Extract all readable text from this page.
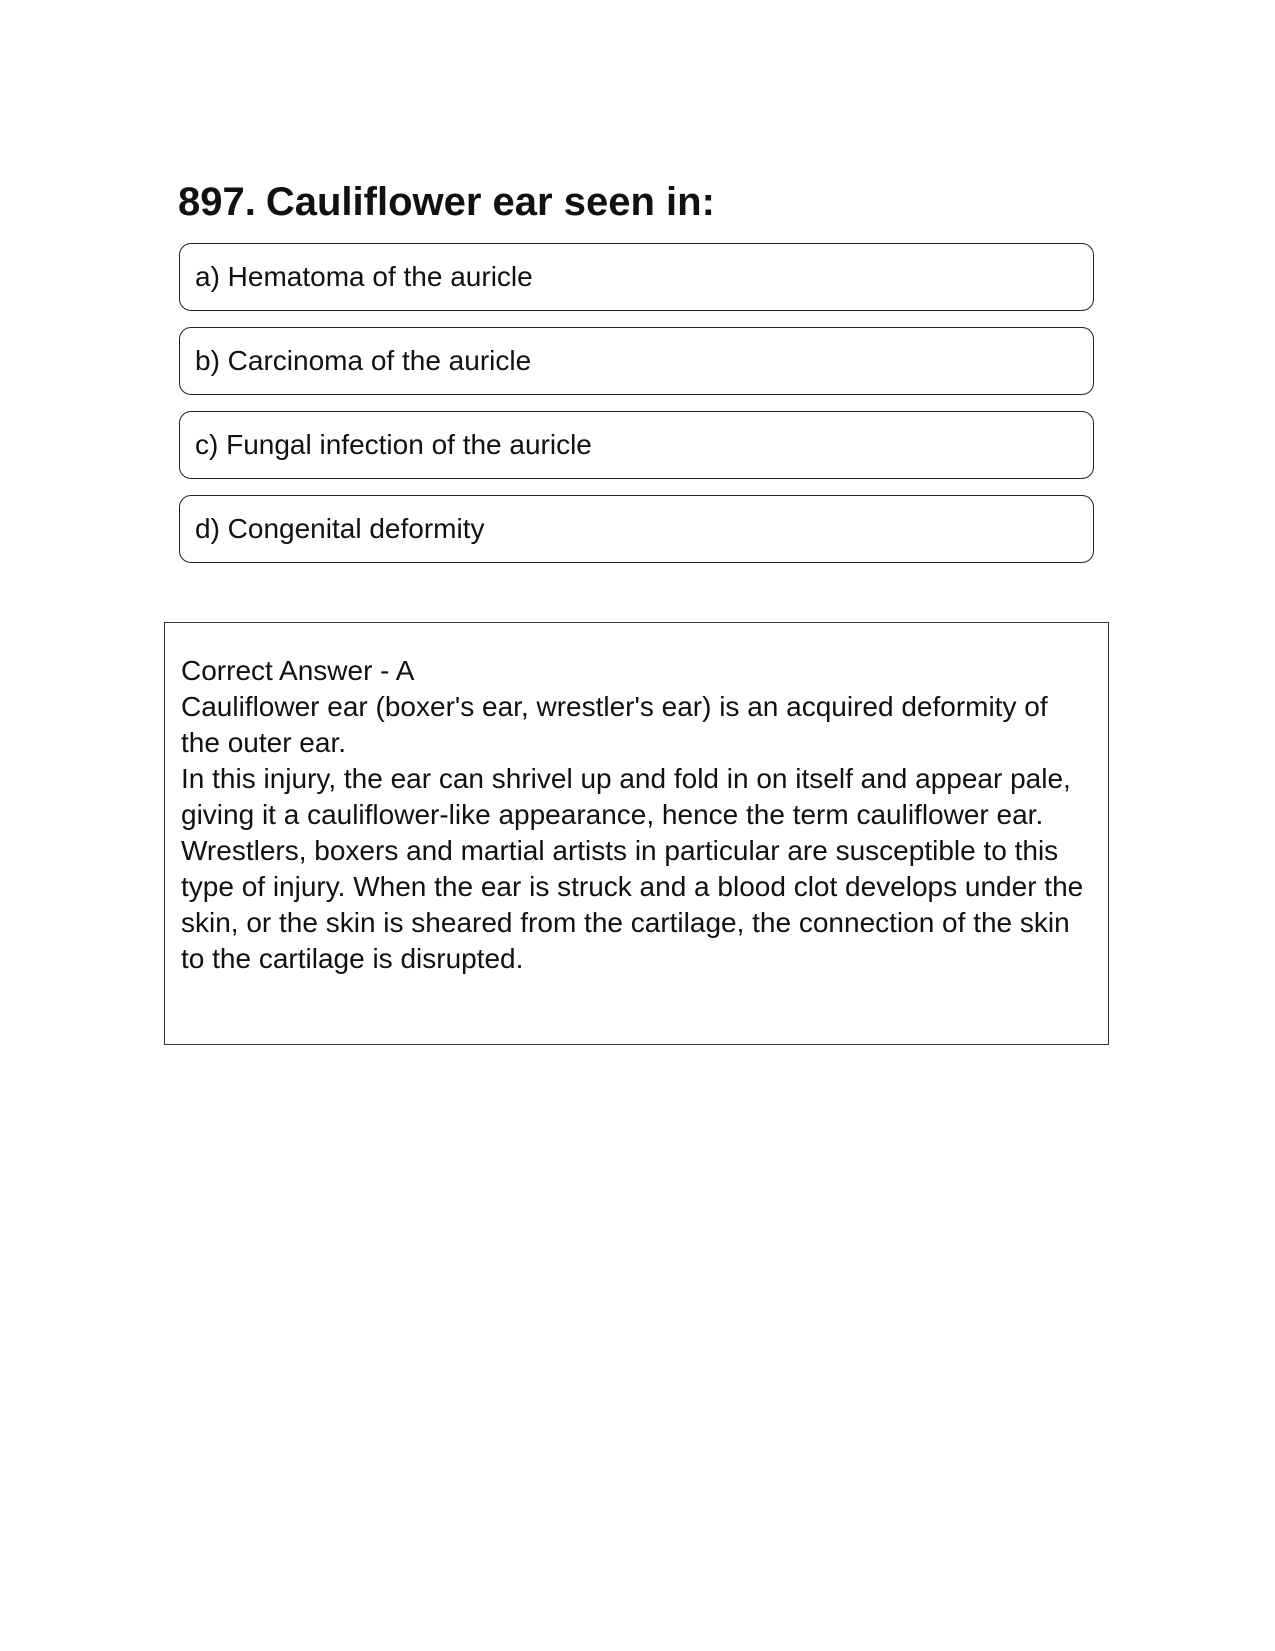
897. Cauliflower ear seen in:
a) Hematoma of the auricle
b) Carcinoma of the auricle
c) Fungal infection of the auricle
d) Congenital deformity

Correct Answer - A

Cauliflower ear (boxer's ear, wrestler's ear) is an acquired deformity of the outer ear.

In this injury, the ear can shrivel up and fold in on itself and appear pale, giving it a cauliflower-like appearance, hence the term cauliflower ear.

Wrestlers, boxers and martial artists in particular are susceptible to this type of injury. When the ear is struck and a blood clot develops under the skin, or the skin is sheared from the cartilage, the connection of the skin to the cartilage is disrupted.
